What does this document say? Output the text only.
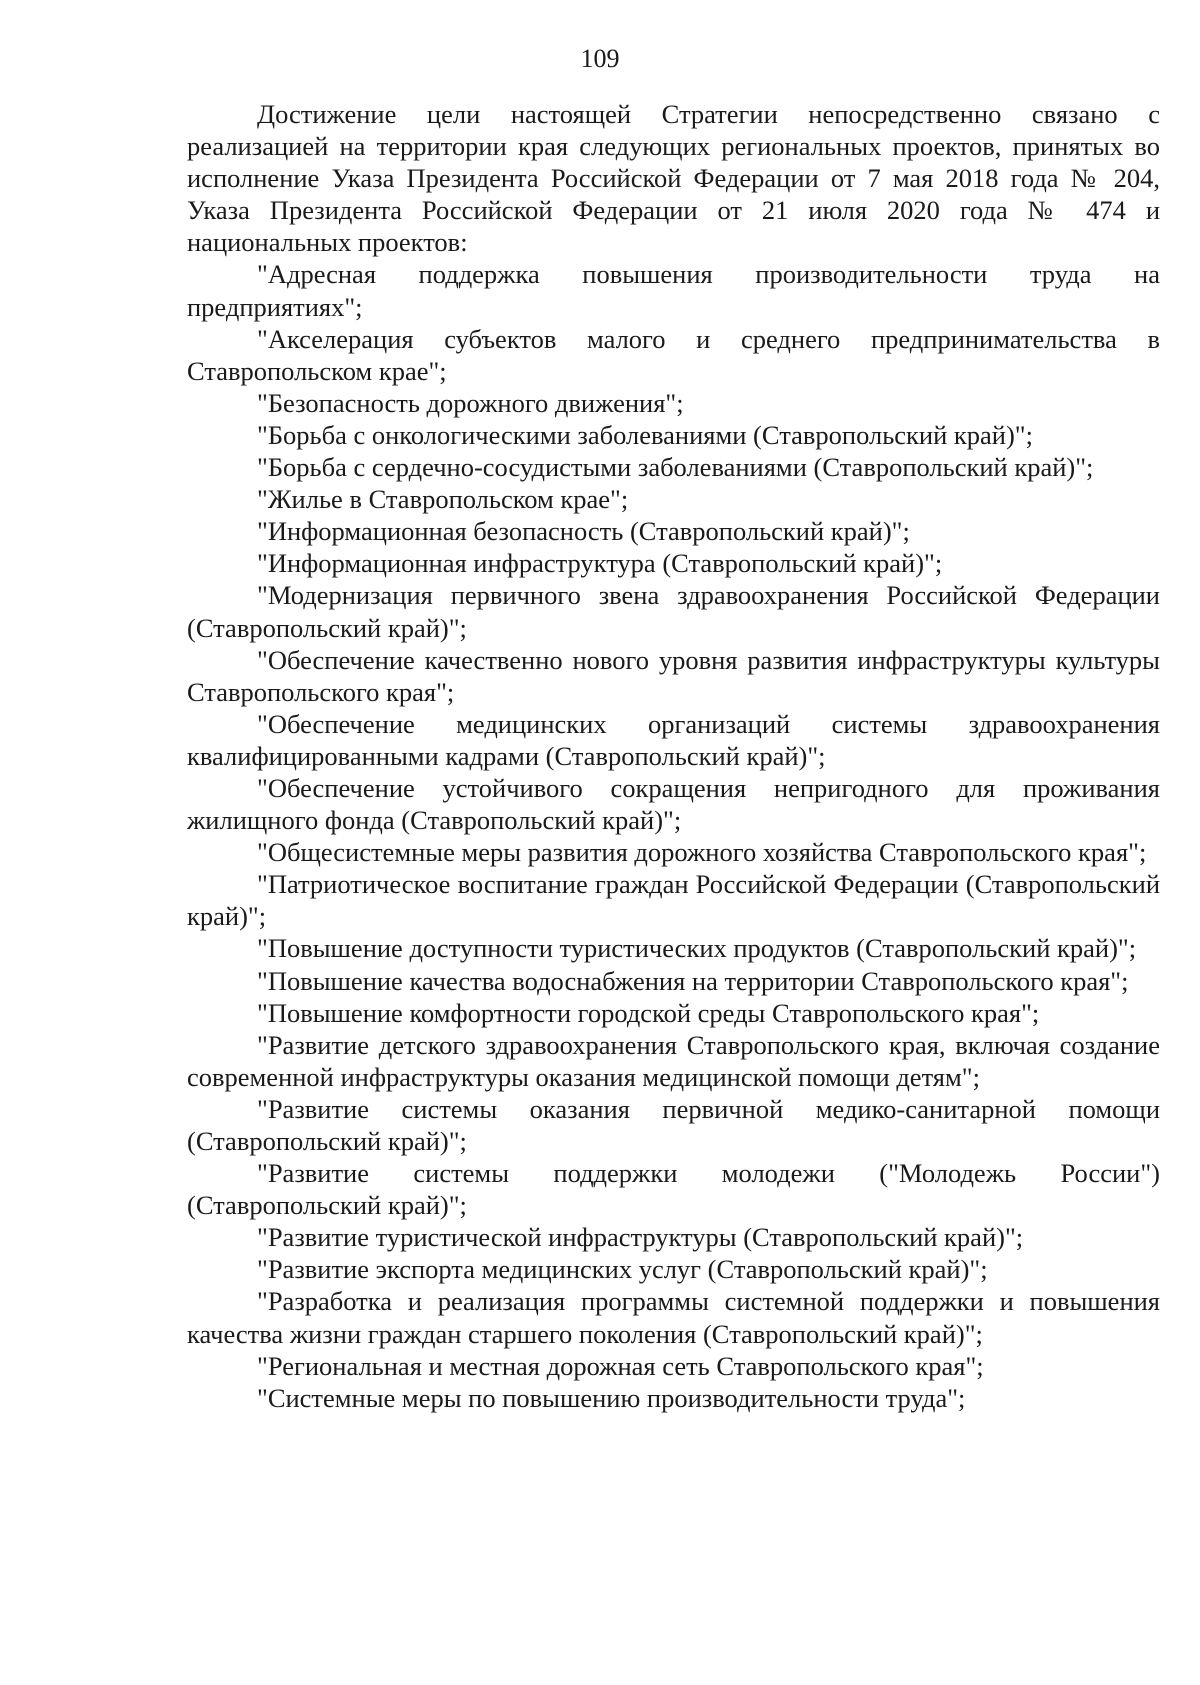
109

Достижение цели настоящей Стратегии непосредственно связано с реализацией на территории края следующих региональных проектов, принятых во исполнение Указа Президента Российской Федерации от 7 мая 2018 года № 204, Указа Президента Российской Федерации от 21 июля 2020 года № 474 и национальных проектов:

"Адресная поддержка повышения производительности труда на предприятиях";

"Акселерация субъектов малого и среднего предпринимательства в Ставропольском крае";

"Безопасность дорожного движения";

"Борьба с онкологическими заболеваниями (Ставропольский край)";

"Борьба с сердечно-сосудистыми заболеваниями (Ставропольский край)";

"Жилье в Ставропольском крае";

"Информационная безопасность (Ставропольский край)";

"Информационная инфраструктура (Ставропольский край)";

"Модернизация первичного звена здравоохранения Российской Федерации (Ставропольский край)";

"Обеспечение качественно нового уровня развития инфраструктуры культуры Ставропольского края";

"Обеспечение медицинских организаций системы здравоохранения квалифицированными кадрами (Ставропольский край)";

"Обеспечение устойчивого сокращения непригодного для проживания жилищного фонда (Ставропольский край)";

"Общесистемные меры развития дорожного хозяйства Ставропольского края";

"Патриотическое воспитание граждан Российской Федерации (Ставропольский край)";

"Повышение доступности туристических продуктов (Ставропольский край)";

"Повышение качества водоснабжения на территории Ставропольского края";

"Повышение комфортности городской среды Ставропольского края";

"Развитие детского здравоохранения Ставропольского края, включая создание современной инфраструктуры оказания медицинской помощи детям";

"Развитие системы оказания первичной медико-санитарной помощи (Ставропольский край)";

"Развитие системы поддержки молодежи ("Молодежь России") (Ставропольский край)";

"Развитие туристической инфраструктуры (Ставропольский край)";

"Развитие экспорта медицинских услуг (Ставропольский край)";

"Разработка и реализация программы системной поддержки и повышения качества жизни граждан старшего поколения (Ставропольский край)";

"Региональная и местная дорожная сеть Ставропольского края";

"Системные меры по повышению производительности труда";
